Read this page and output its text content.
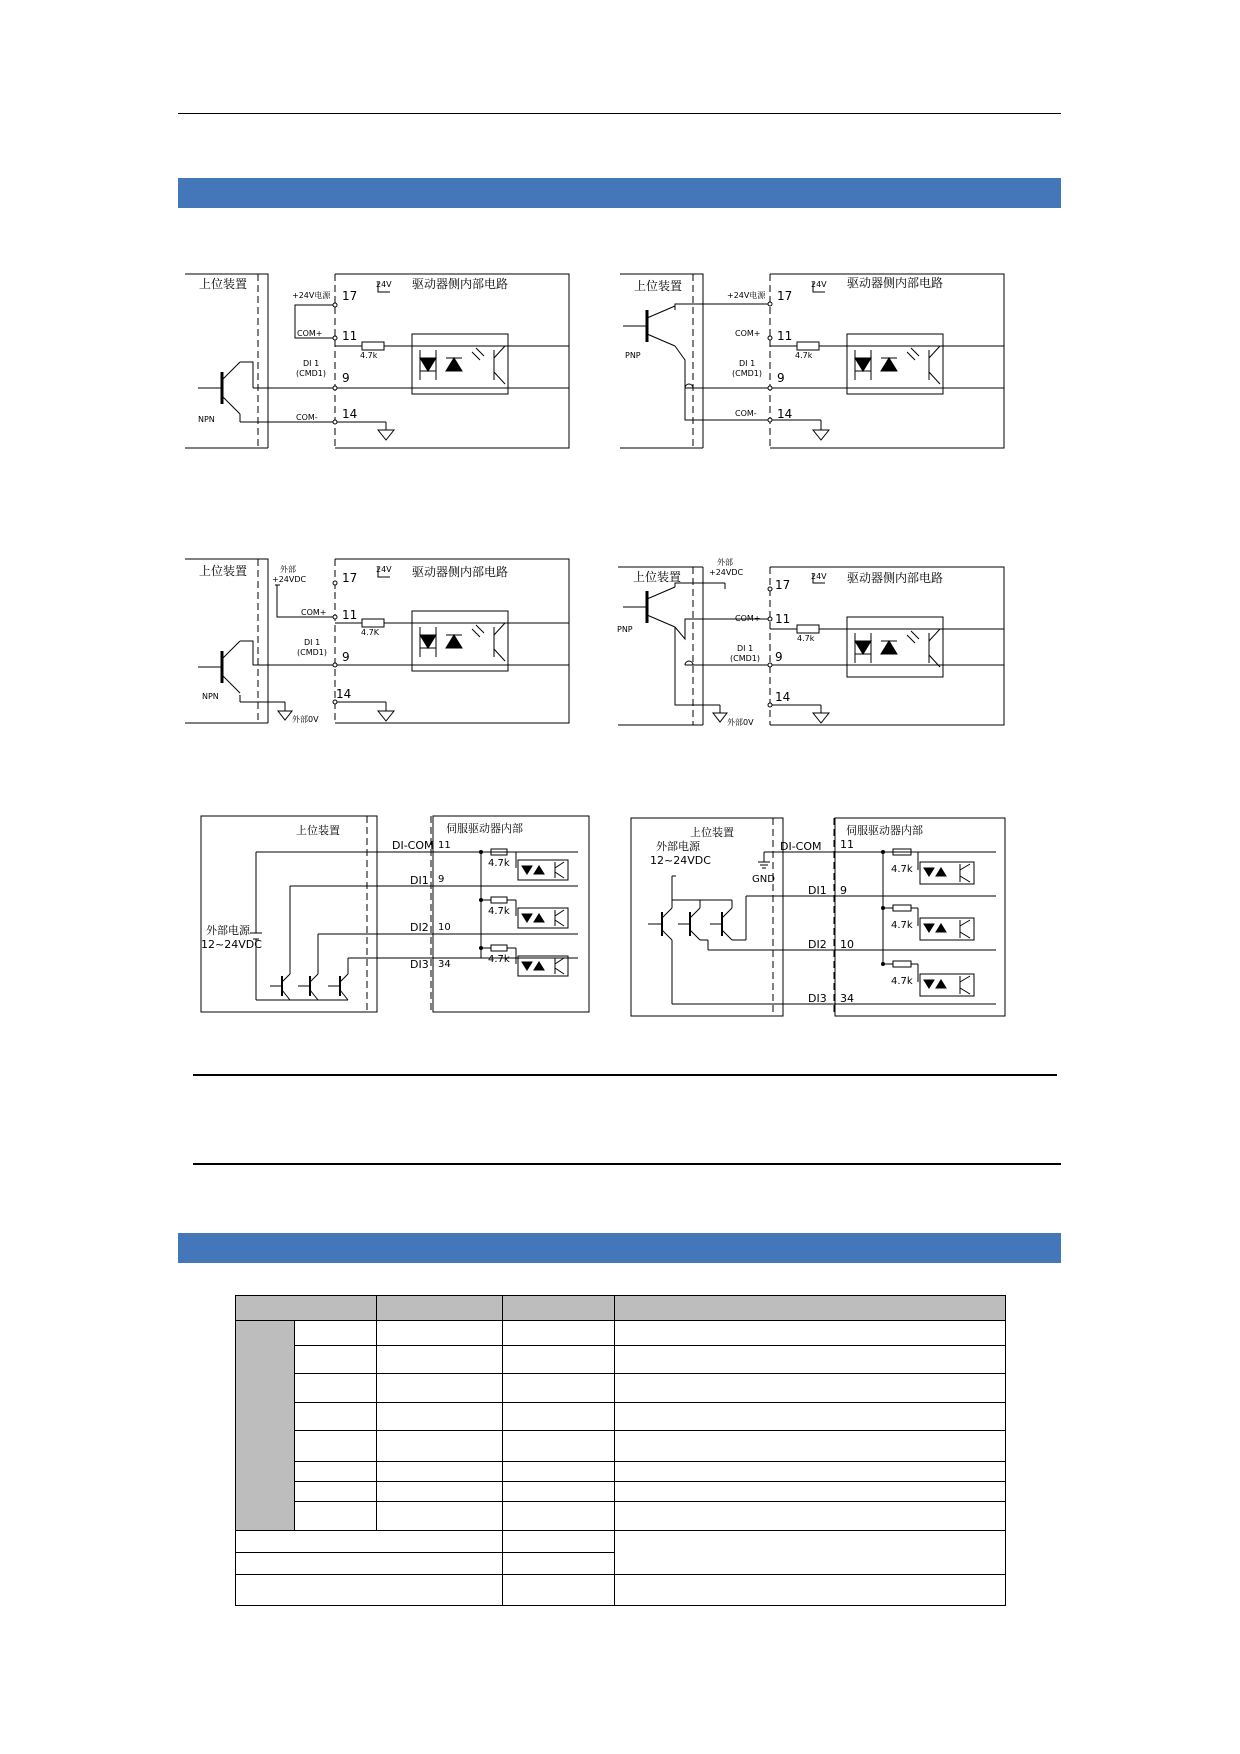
上位装置	驱动器侧内部电路
+24V电源
24V
17
COM+ 11
4.7k
DI 1
(CMD1) 9
COM- 14
NPN
上位装置	驱动器侧内部电路
+24V电源
24V
17
COM+ 11
4.7k
DI 1
(CMD1) 9
COM- 14
PNP
上位装置	驱动器侧内部电路
外部
+24VDC
24V
17
COM+ 11
4.7K
DI 1
(CMD1) 9
14
NPN
外部0V
上位装置	驱动器侧内部电路
外部
+24VDC	24V
17
COM+ 11
4.7k
DI 1
(CMD1) 9
14
PNP
外部0V
上位装置	伺服驱动器内部
DI-COM 11
DI1 9
DI2 10
DI3 34
4.7k
4.7k
4.7k
外部电源
12~24VDC
上位装置	伺服驱动器内部
DI-COM 11
DI1 9
DI2 10
DI3 34
4.7k
4.7k
4.7k
外部电源
12~24VDC
GND
